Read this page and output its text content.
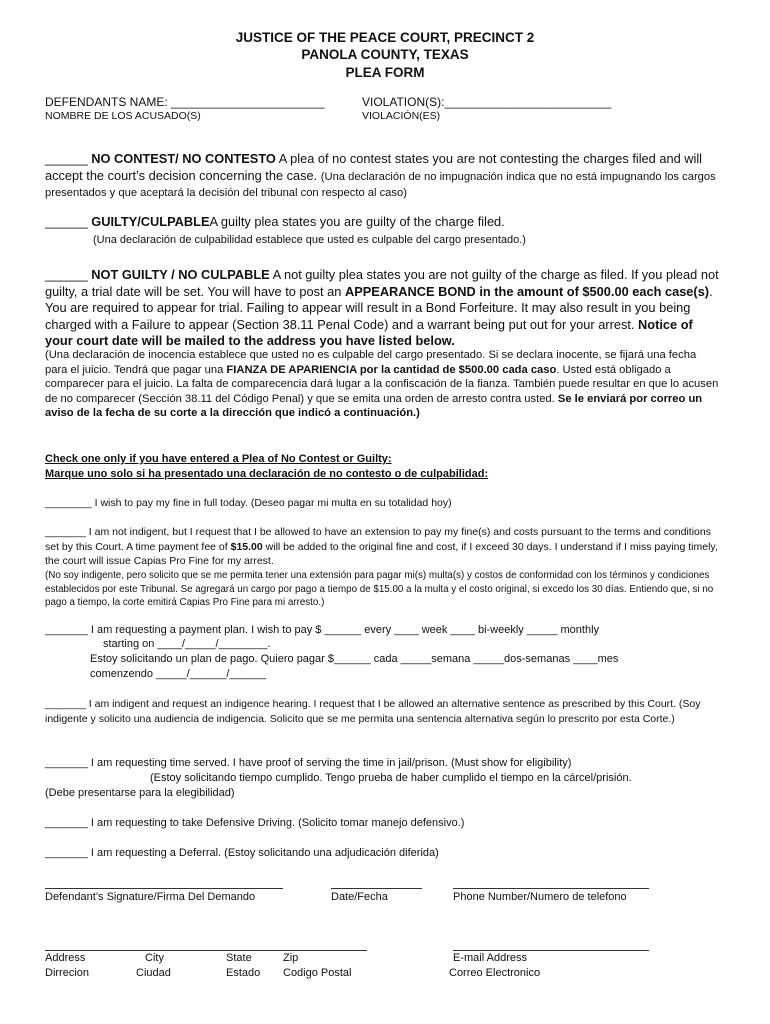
JUSTICE OF THE PEACE COURT, PRECINCT 2
PANOLA COUNTY, TEXAS
PLEA FORM
DEFENDANTS NAME: _______________________
NOMBRE DE LOS ACUSADO(S)
VIOLATION(S):_________________________
VIOLACIÓN(ES)
______ NO CONTEST/ NO CONTESTO A plea of no contest states you are not contesting the charges filed and will accept the court’s decision concerning the case. (Una declaración de no impugnación indica que no está impugnando los cargos presentados y que aceptará la decisión del tribunal con respecto al caso)
______ GUILTY/CULPABLEA guilty plea states you are guilty of the charge filed.
(Una declaración de culpabilidad establece que usted es culpable del cargo presentado.)
______ NOT GUILTY / NO CULPABLE A not guilty plea states you are not guilty of the charge as filed. If you plead not guilty, a trial date will be set. You will have to post an APPEARANCE BOND in the amount of $500.00 each case(s). You are required to appear for trial. Failing to appear will result in a Bond Forfeiture. It may also result in you being charged with a Failure to appear (Section 38.11 Penal Code) and a warrant being put out for your arrest. Notice of your court date will be mailed to the address you have listed below.
(Una declaración de inocencia establece que usted no es culpable del cargo presentado. Si se declara inocente, se fijará una fecha para el juicio. Tendrá que pagar una FIANZA DE APARIENCIA por la cantidad de $500.00 cada caso. Usted está obligado a comparecer para el juicio. La falta de comparecencia dará lugar a la confiscación de la fianza. También puede resultar en que lo acusen de no comparecer (Sección 38.11 del Código Penal) y que se emita una orden de arresto contra usted. Se le enviará por correo un aviso de la fecha de su corte a la dirección que indicó a continuación.)
Check one only if you have entered a Plea of No Contest or Guilty:
Marque uno solo si ha presentado una declaración de no contesto o de culpabilidad:
________ I wish to pay my fine in full today. (Deseo pagar mi multa en su totalidad hoy)
_______ I am not indigent, but I request that I be allowed to have an extension to pay my fine(s) and costs pursuant to the terms and conditions set by this Court. A time payment fee of $15.00 will be added to the original fine and cost, if I exceed 30 days. I understand if I miss paying timely, the court will issue Capias Pro Fine for my arrest.
(No soy indigente, pero solicito que se me permita tener una extensión para pagar mi(s) multa(s) y costos de conformidad con los términos y condiciones establecidos por este Tribunal. Se agregará un cargo por pago a tiempo de $15.00 a la multa y el costo original, si excedo los 30 días. Entiendo que, si no pago a tiempo, la corte emitirá Capias Pro Fine para mi arresto.)
_______ I am requesting a payment plan. I wish to pay $ ______ every ____ week ____ bi-weekly _____ monthly
starting on ____/_____/________.
Estoy solicitando un plan de pago. Quiero pagar $______ cada _____semana _____dos-semanas ____mes
comenzendo _____/______/______
_______ I am indigent and request an indigence hearing. I request that I be allowed an alternative sentence as prescribed by this Court. (Soy indigente y solicito una audiencia de indigencia. Solicito que se me permita una sentencia alternativa según lo prescrito por esta Corte.)
_______ I am requesting time served. I have proof of serving the time in jail/prison. (Must show for eligibility)
(Estoy solicitando tiempo cumplido. Tengo prueba de haber cumplido el tiempo en la cárcel/prisión.
(Debe presentarse para la elegibilidad)
_______ I am requesting to take Defensive Driving. (Solicito tomar manejo defensivo.)
_______ I am requesting a Deferral. (Estoy solicitando una adjudicación diferida)
Defendant’s Signature/Firma Del Demando	Date/Fecha	Phone Number/Numero de telefono
Address
Dirrecion
City
Ciudad
State
Estado
Zip
Codigo Postal
E-mail Address
Correo Electronico
